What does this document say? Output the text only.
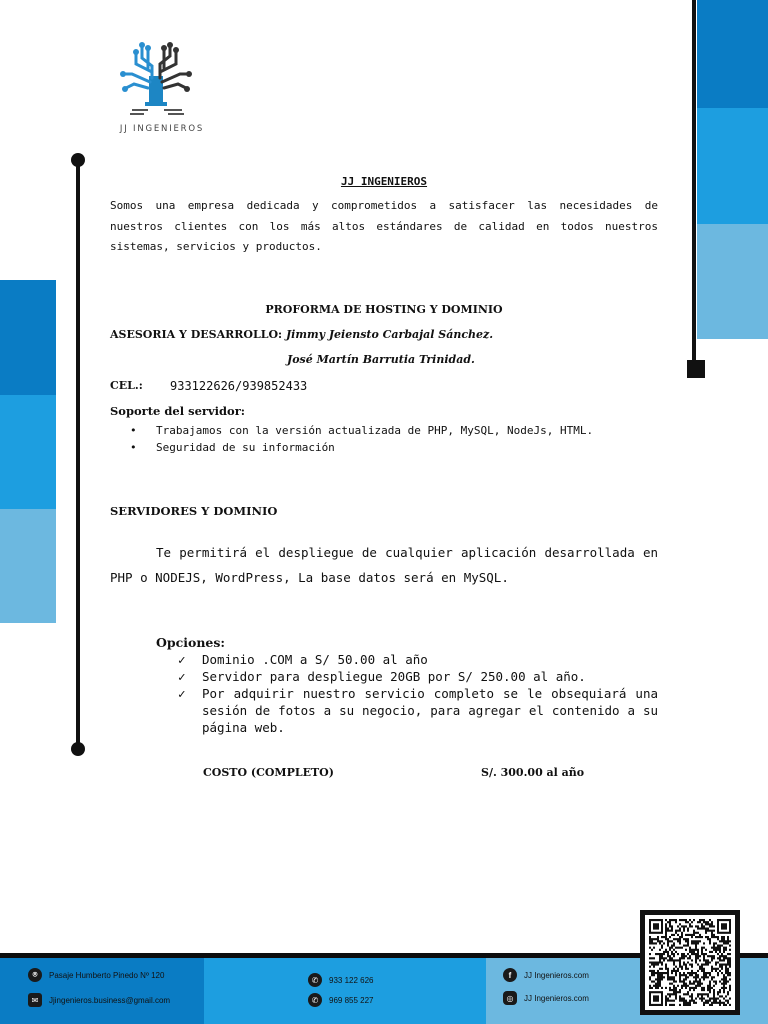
JJ INGENIEROS
JJ INGENIEROS
Somos una empresa dedicada y comprometidos a satisfacer las necesidades de nuestros clientes con los más altos estándares de calidad en todos nuestros sistemas, servicios y productos.
PROFORMA DE HOSTING Y DOMINIO
ASESORIA Y DESARROLLO: Jimmy Jeiensto Carbajal Sánchez.
José Martín Barrutia Trinidad.
CEL.: 933122626/939852433
Soporte del servidor:
• Trabajamos con la versión actualizada de PHP, MySQL, NodeJs, HTML.
• Seguridad de su información
SERVIDORES Y DOMINIO
Te permitirá el despliegue de cualquier aplicación desarrollada en PHP o NODEJS, WordPress, La base datos será en MySQL.
Opciones:
✓ Dominio .COM a S/ 50.00 al año
✓ Servidor para despliegue 20GB por S/ 250.00 al año.
✓ Por adquirir nuestro servicio completo se le obsequiará una sesión de fotos a su negocio, para agregar el contenido a su página web.
COSTO (COMPLETO)	S/. 300.00 al año
⌾	Pasaje Humberto Pinedo Nº 120
✉	Jjingenieros.business@gmail.com
✆	933 122 626
✆	969 855 227
f	JJ Ingenieros.com
◎	JJ Ingenieros.com
